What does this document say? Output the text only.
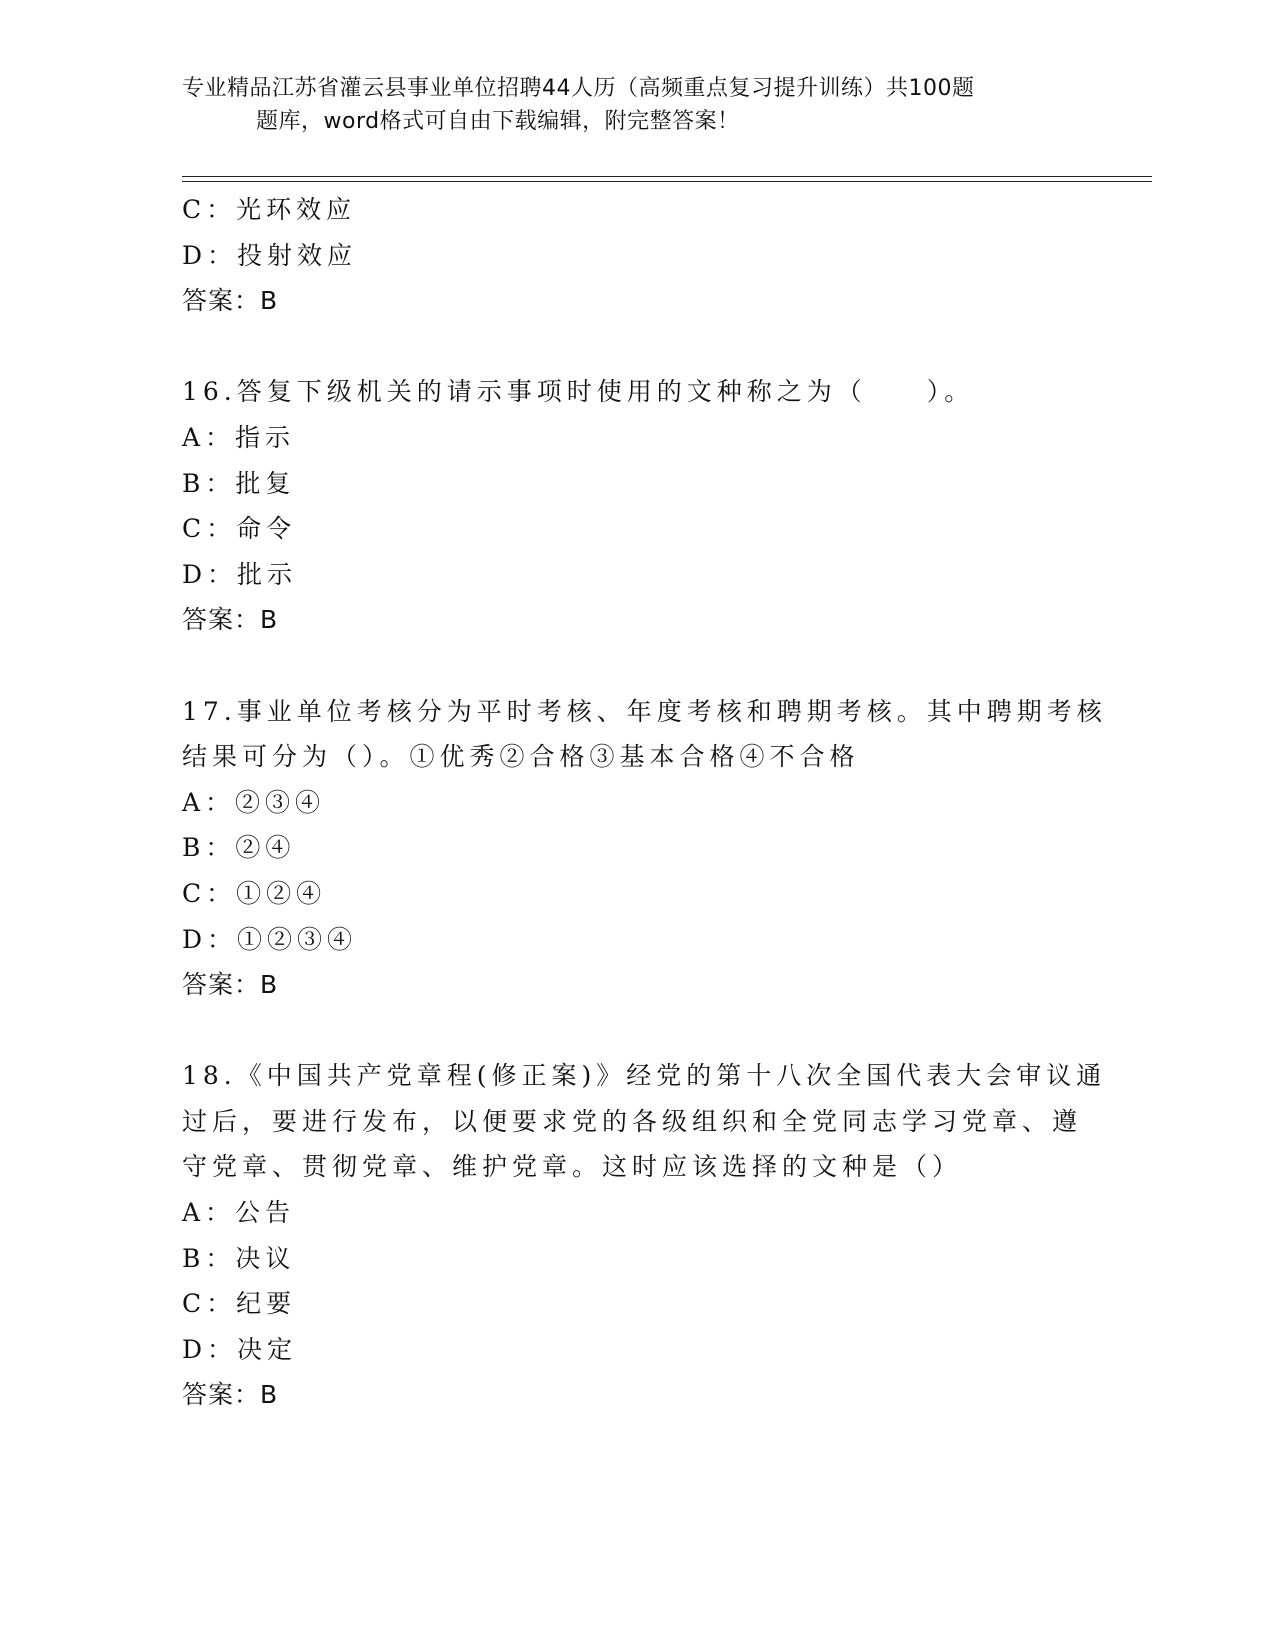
专业精品江苏省灌云县事业单位招聘44人历（高频重点复习提升训练）共100题
题库，word格式可自由下载编辑，附完整答案！
C：光环效应
D：投射效应
答案：B
16.答复下级机关的请示事项时使用的文种称之为（　　）。
A：指示
B：批复
C：命令
D：批示
答案：B
17.事业单位考核分为平时考核、年度考核和聘期考核。其中聘期考核
结果可分为（）。①优秀②合格③基本合格④不合格
A：②③④
B：②④
C：①②④
D：①②③④
答案：B
18.《中国共产党章程(修正案)》经党的第十八次全国代表大会审议通
过后，要进行发布，以便要求党的各级组织和全党同志学习党章、遵
守党章、贯彻党章、维护党章。这时应该选择的文种是（）
A：公告
B：决议
C：纪要
D：决定
答案：B
